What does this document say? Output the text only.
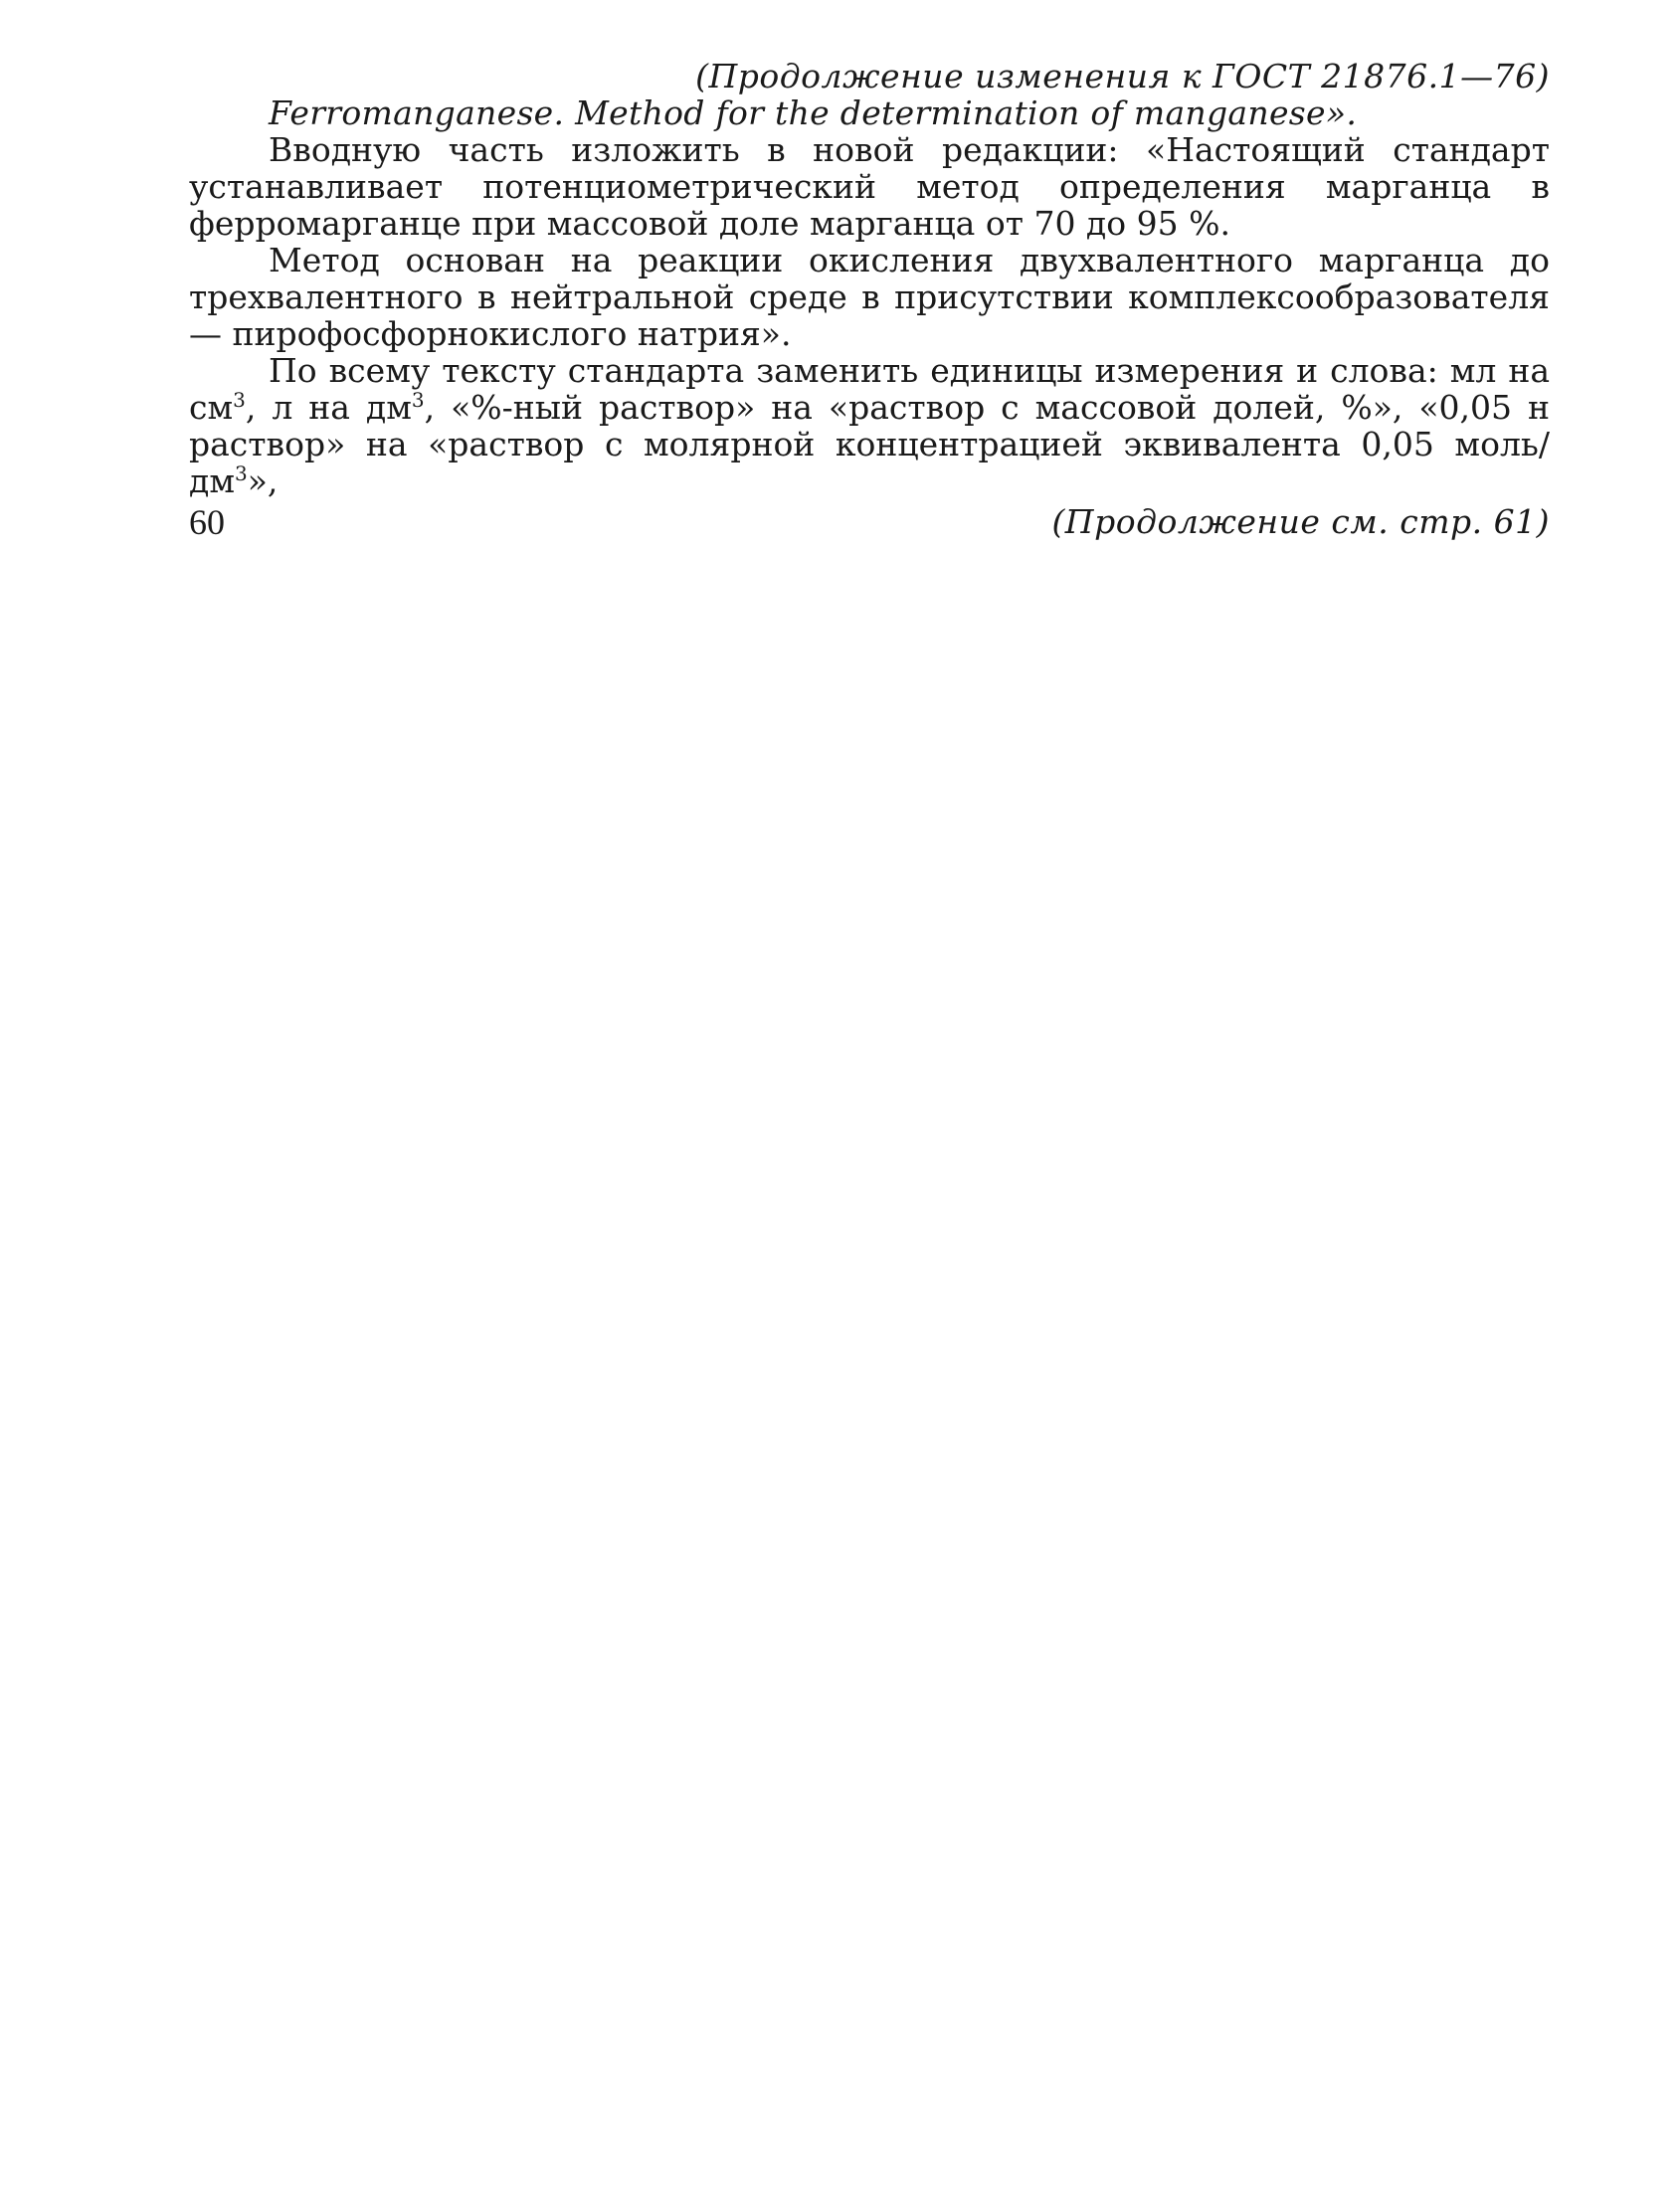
(Продолжение изменения к ГОСТ 21876.1—76)

Ferromanganese. Method for the determination of manganese».

Вводную часть изложить в новой редакции: «Настоящий стандарт устанавливает потенциометрический метод определения марганца в ферромарганце при массовой доле марганца от 70 до 95 %.

Метод основан на реакции окисления двухвалентного марганца до трехвалентного в нейтральной среде в присутствии комплексообразователя — пирофосфорнокислого натрия».

По всему тексту стандарта заменить единицы измерения и слова: мл на $см^3$, л на $дм^3$, «%-ный раствор» на «раствор с массовой долей, %», «0,05 н раствор» на «раствор с молярной концентрацией эквивалента 0,05 моль/$дм^3$»,

(Продолжение см. стр. 61)

60
